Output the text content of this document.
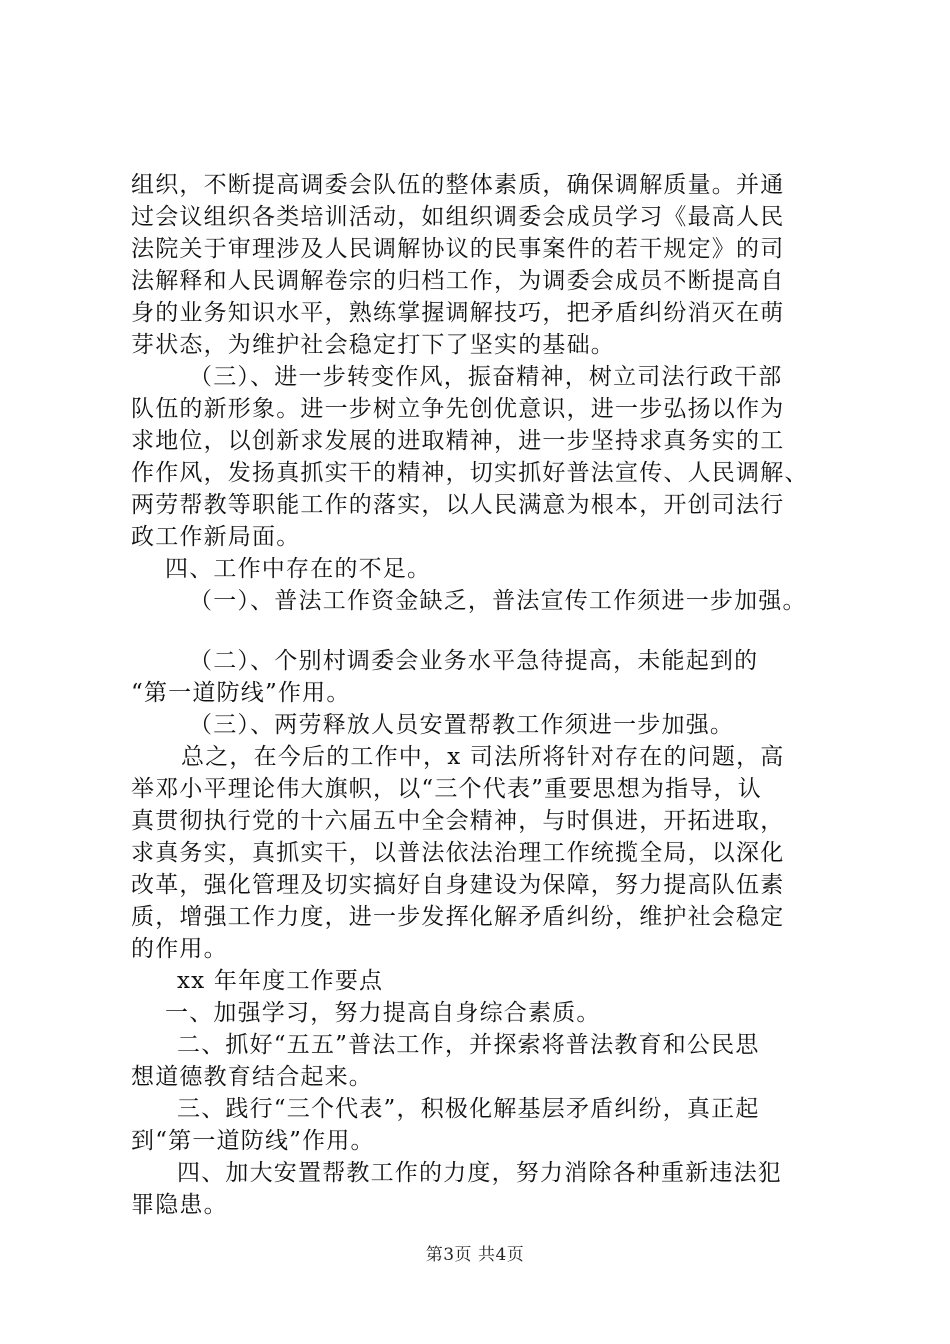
组织，不断提高调委会队伍的整体素质，确保调解质量。并通
过会议组织各类培训活动，如组织调委会成员学习《最高人民
法院关于审理涉及人民调解协议的民事案件的若干规定》的司
法解释和人民调解卷宗的归档工作，为调委会成员不断提高自
身的业务知识水平，熟练掌握调解技巧，把矛盾纠纷消灭在萌
芽状态，为维护社会稳定打下了坚实的基础。
（三）、进一步转变作风，振奋精神，树立司法行政干部
队伍的新形象。进一步树立争先创优意识，进一步弘扬以作为
求地位，以创新求发展的进取精神，进一步坚持求真务实的工
作作风，发扬真抓实干的精神，切实抓好普法宣传、人民调解、
两劳帮教等职能工作的落实，以人民满意为根本，开创司法行
政工作新局面。
四、工作中存在的不足。
（一）、普法工作资金缺乏，普法宣传工作须进一步加强。
（二）、个别村调委会业务水平急待提高，未能起到的
“第一道防线”作用。
（三）、两劳释放人员安置帮教工作须进一步加强。
总之，在今后的工作中，x 司法所将针对存在的问题，高
举邓小平理论伟大旗帜，以“三个代表”重要思想为指导，认
真贯彻执行党的十六届五中全会精神，与时俱进，开拓进取，
求真务实，真抓实干，以普法依法治理工作统揽全局，以深化
改革，强化管理及切实搞好自身建设为保障，努力提高队伍素
质，增强工作力度，进一步发挥化解矛盾纠纷，维护社会稳定
的作用。
xx 年年度工作要点
一、加强学习，努力提高自身综合素质。
二、抓好“五五”普法工作，并探索将普法教育和公民思
想道德教育结合起来。
三、践行“三个代表”，积极化解基层矛盾纠纷，真正起
到“第一道防线”作用。
四、加大安置帮教工作的力度，努力消除各种重新违法犯
罪隐患。
第3页 共4页
